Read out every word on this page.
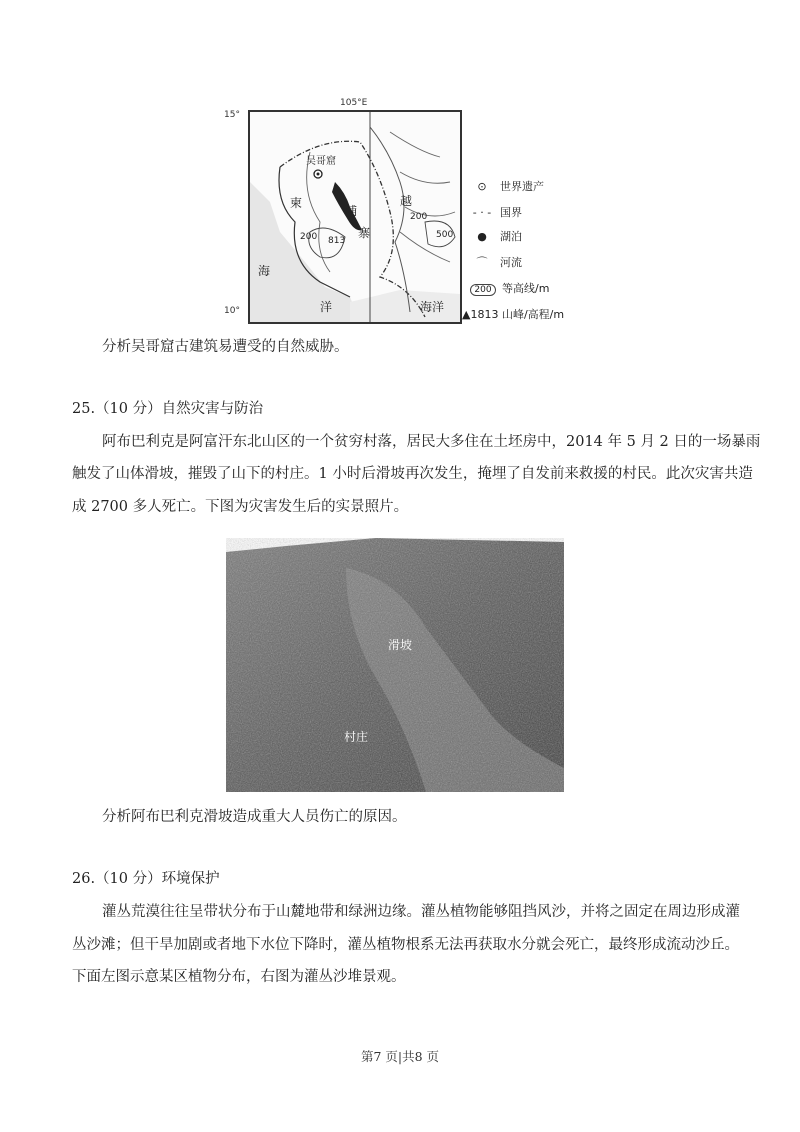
105°E
15°
10°
吴哥窟
柬
埔
寨
越
海
洋	海洋
200
200
500
813
⊙ 世界遗产
- · - 国界
● 湖泊
⌒ 河流
200 等高线/m
▲1813 山峰/高程/m
分析吴哥窟古建筑易遭受的自然威胁。
25.（10 分）自然灾害与防治
阿布巴利克是阿富汗东北山区的一个贫穷村落，居民大多住在土坯房中，2014 年 5 月 2 日的一场暴雨
触发了山体滑坡，摧毁了山下的村庄。1 小时后滑坡再次发生，掩埋了自发前来救援的村民。此次灾害共造
成 2700 多人死亡。下图为灾害发生后的实景照片。
滑坡
村庄
分析阿布巴利克滑坡造成重大人员伤亡的原因。
26.（10 分）环境保护
灌丛荒漠往往呈带状分布于山麓地带和绿洲边缘。灌丛植物能够阻挡风沙，并将之固定在周边形成灌
丛沙滩；但干旱加剧或者地下水位下降时，灌丛植物根系无法再获取水分就会死亡，最终形成流动沙丘。
下面左图示意某区植物分布，右图为灌丛沙堆景观。
第7 页|共8 页
